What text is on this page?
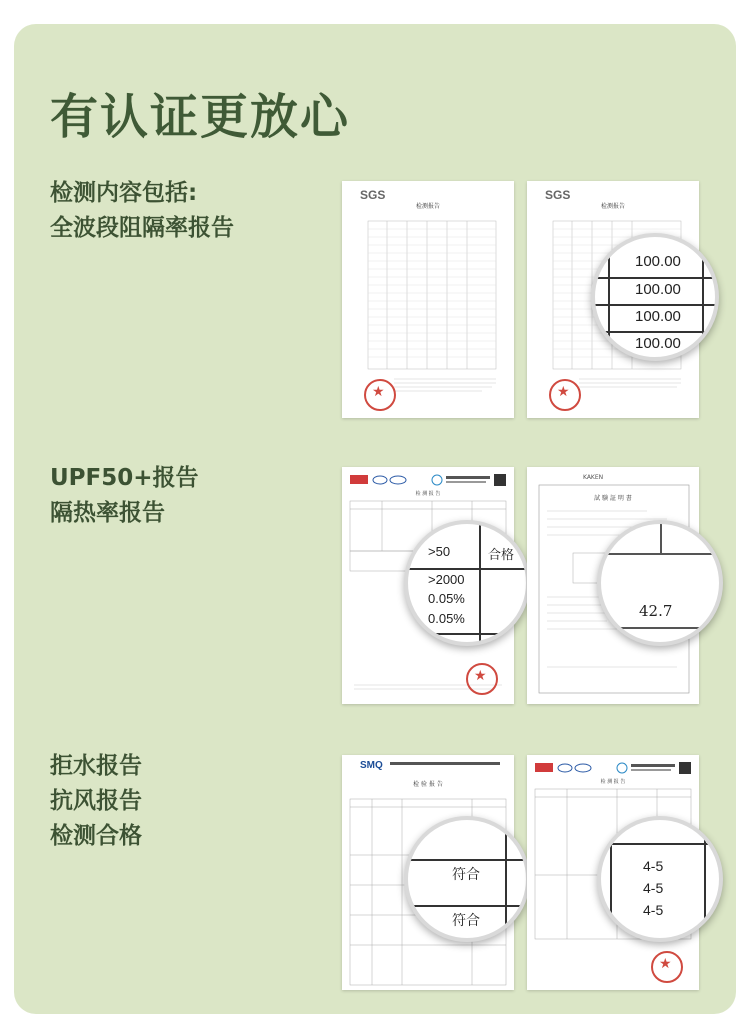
有认证更放心
检测内容包括:
全波段阻隔率报告
UPF50+报告
隔热率报告
拒水报告
抗风报告
检测合格
SGS
检测报告
★
SGS
检测报告
★
100.00
100.00
100.00
100.00
检 测 报 告
★
>50	合格
>2000
0.05%
0.05%
KAKEN
試 験 証 明 書
42.7
SMQ
检 验 报 告
符合
符合
检 测 报 告
★
4-5
4-5
4-5
